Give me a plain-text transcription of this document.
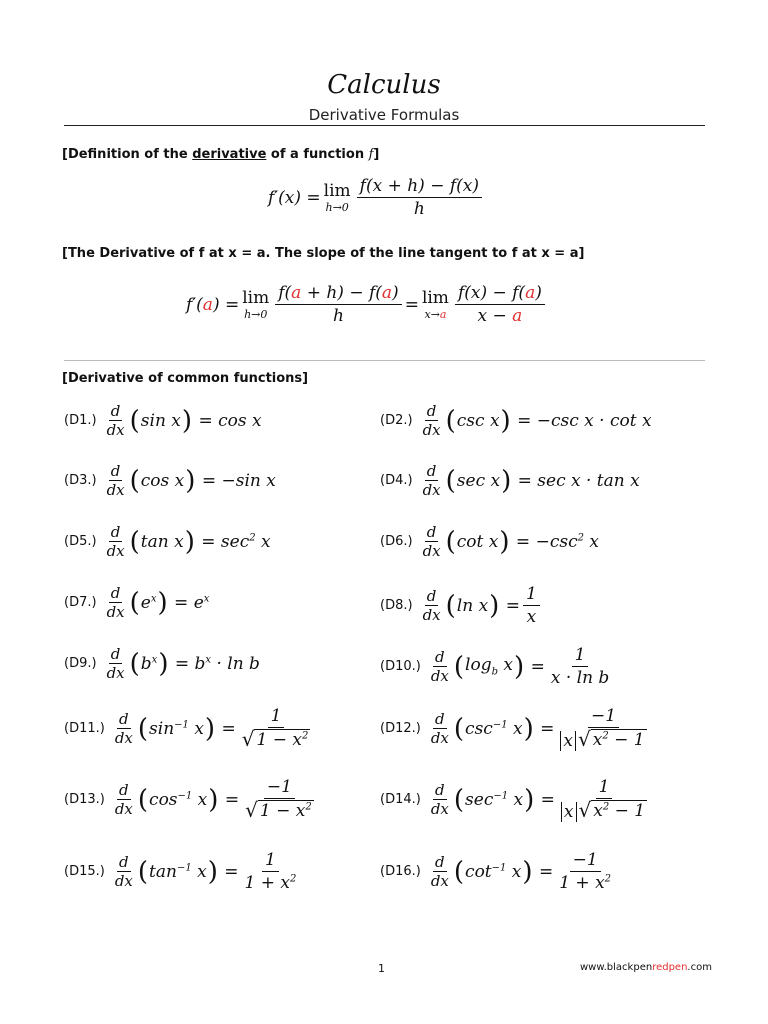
Calculus
Derivative Formulas
[Definition of the derivative of a function f]
f′(x) = lim
$h\to 0 \frac{f(x + h) - f(x)}{h}$
[The Derivative of f at x = a. The slope of the line tangent to f at x = a]
f′(a) = lim
$h\to 0 \frac{f(a + h) - f(a)}{h} = \lim$
$x\to a \frac{f(x) - f(a)}{x - a}$
[Derivative of common functions]
(D1.)
d
dx ( sin x ) = cos x	(D2.)
d
dx ( csc x ) = −csc x · cot x
(D3.)
d
dx ( cos x ) = −sin x	(D4.)
d
dx ( sec x ) = sec x · tan x
(D5.)
d
dx ( tan x ) = $\sec^2 x$	(D6.)
d
dx ( cot x ) = $-\csc^2$ x
(D7.)
d
dx ( $e^x$ ) = $e^x$	(D8.)
d
dx ( ln x ) = $\frac{1}{x}$
(D9.)
d
dx ( $b^x$ ) = $b^x \cdot \ln b$	(D10.)
d
dx ( $\log_b x$ ) = $\frac{1}{\text{x · ln b}}$
(D11.)
d
dx ( $\sin^{-1} x$ ) = $\frac{1}{√ 1 - x^2}$	(D12.)
d
dx ( $\csc^{-1} x$ ) = $\frac{-1}{x √ x^2 - 1}$
(D13.)
d
dx ( $\cos^{-1} x$ ) = $\frac{-1}{√ 1 - x^2}$	(D14.)
d
dx ( $\sec^{-1} x$ ) = $\frac{1}{x √ x^2 - 1}$
(D15.)
d
dx ( $\tan^{-1} x$ ) = $\frac{1}{1 + x^2}$	(D16.)
d
dx ( $\cot^{-1} x$ ) = $\frac{-1}{1 + x^2}$
1	www.blackpenredpen.com
